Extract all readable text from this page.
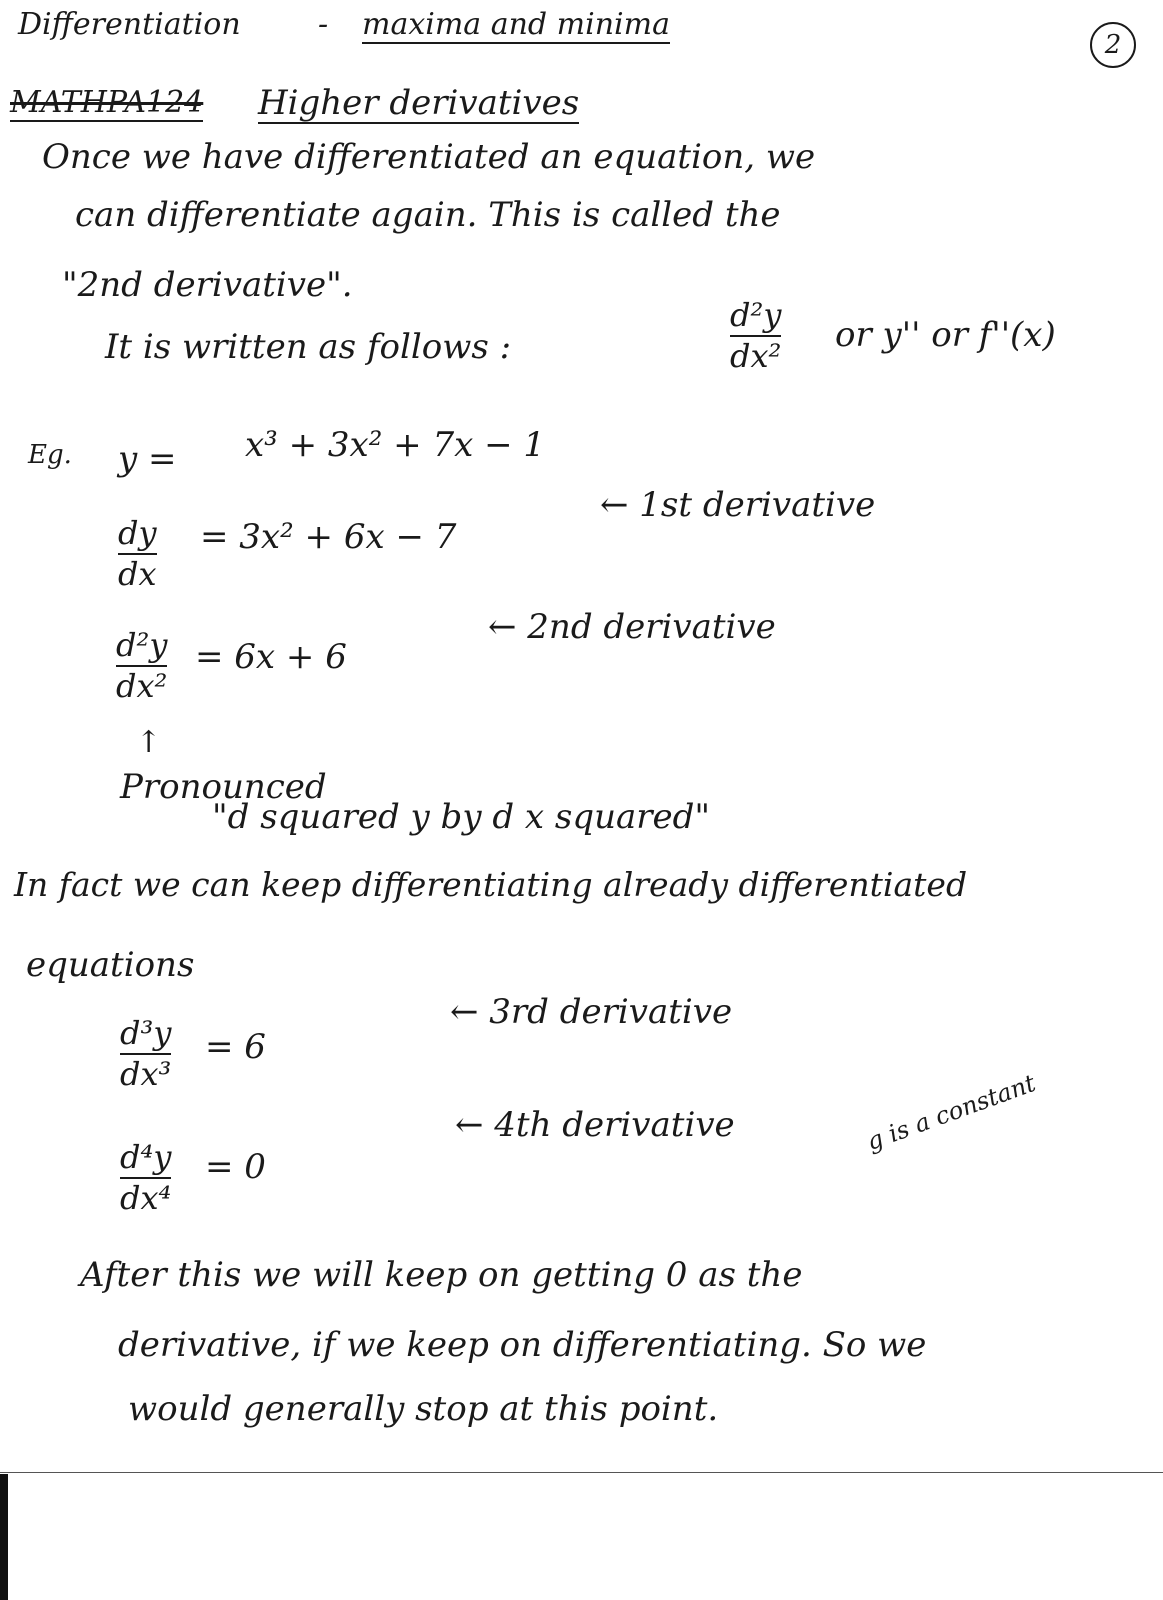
Differentiation	- maxima and minima
2
MATHPA124 Higher derivatives
Once we have differentiated an equation, we
can differentiate again. This is called the
"2nd derivative".
It is written as follows :
d²y
dx²
or y'' or f''(x)
Eg. y = x³ + 3x² + 7x − 1
dy
dx
= 3x² + 6x − 7
← 1st derivative
d²y
dx²
= 6x + 6
← 2nd derivative
↑
Pronounced
"d squared y by d x squared"
In fact we can keep differentiating already differentiated
equations
d³y
dx³
= 6
← 3rd derivative
d⁴y
dx⁴
= 0
← 4th derivative	g is a constant
After this we will keep on getting 0 as the
derivative, if we keep on differentiating. So we
would generally stop at this point.
